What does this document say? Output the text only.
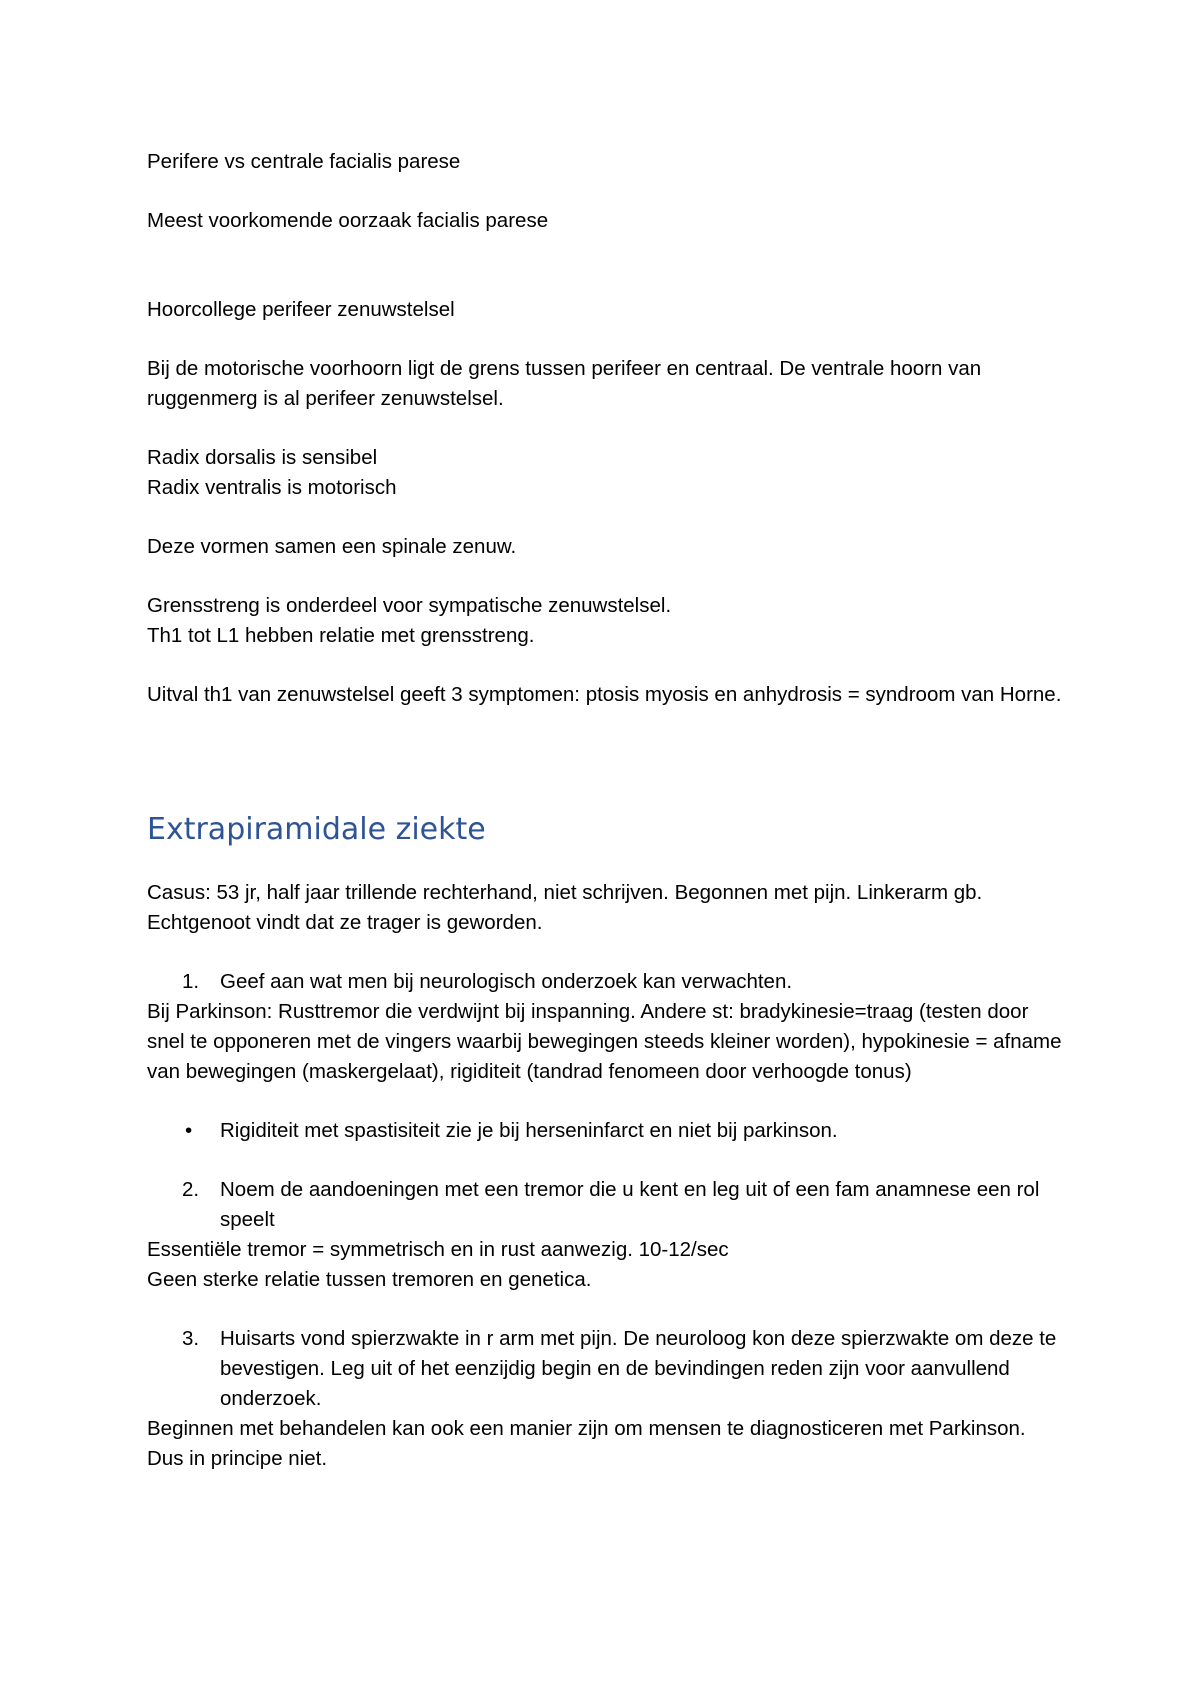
Perifere vs centrale facialis parese

Meest voorkomende oorzaak facialis parese

Hoorcollege perifeer zenuwstelsel

Bij de motorische voorhoorn ligt de grens tussen perifeer en centraal. De ventrale hoorn van ruggenmerg is al perifeer zenuwstelsel.

Radix dorsalis is sensibel

Radix ventralis is motorisch

Deze vormen samen een spinale zenuw.

Grensstreng is onderdeel voor sympatische zenuwstelsel.

Th1 tot L1 hebben relatie met grensstreng.

Uitval th1 van zenuwstelsel geeft 3 symptomen: ptosis myosis en anhydrosis = syndroom van Horne.

Extrapiramidale ziekte

Casus: 53 jr, half jaar trillende rechterhand, niet schrijven. Begonnen met pijn. Linkerarm gb. Echtgenoot vindt dat ze trager is geworden.

1.	Geef aan wat men bij neurologisch onderzoek kan verwachten.

Bij Parkinson: Rusttremor die verdwijnt bij inspanning. Andere st: bradykinesie=traag (testen door snel te opponeren met de vingers waarbij bewegingen steeds kleiner worden), hypokinesie = afname van bewegingen (maskergelaat), rigiditeit (tandrad fenomeen door verhoogde tonus)

•	Rigiditeit met spastisiteit zie je bij herseninfarct en niet bij parkinson.
2.	Noem de aandoeningen met een tremor die u kent en leg uit of een fam anamnese een rol speelt

Essentiële tremor = symmetrisch en in rust aanwezig. 10-12/sec

Geen sterke relatie tussen tremoren en genetica.

3.	Huisarts vond spierzwakte in r arm met pijn. De neuroloog kon deze spierzwakte om deze te bevestigen. Leg uit of het eenzijdig begin en de bevindingen reden zijn voor aanvullend onderzoek.

Beginnen met behandelen kan ook een manier zijn om mensen te diagnosticeren met Parkinson. Dus in principe niet.
